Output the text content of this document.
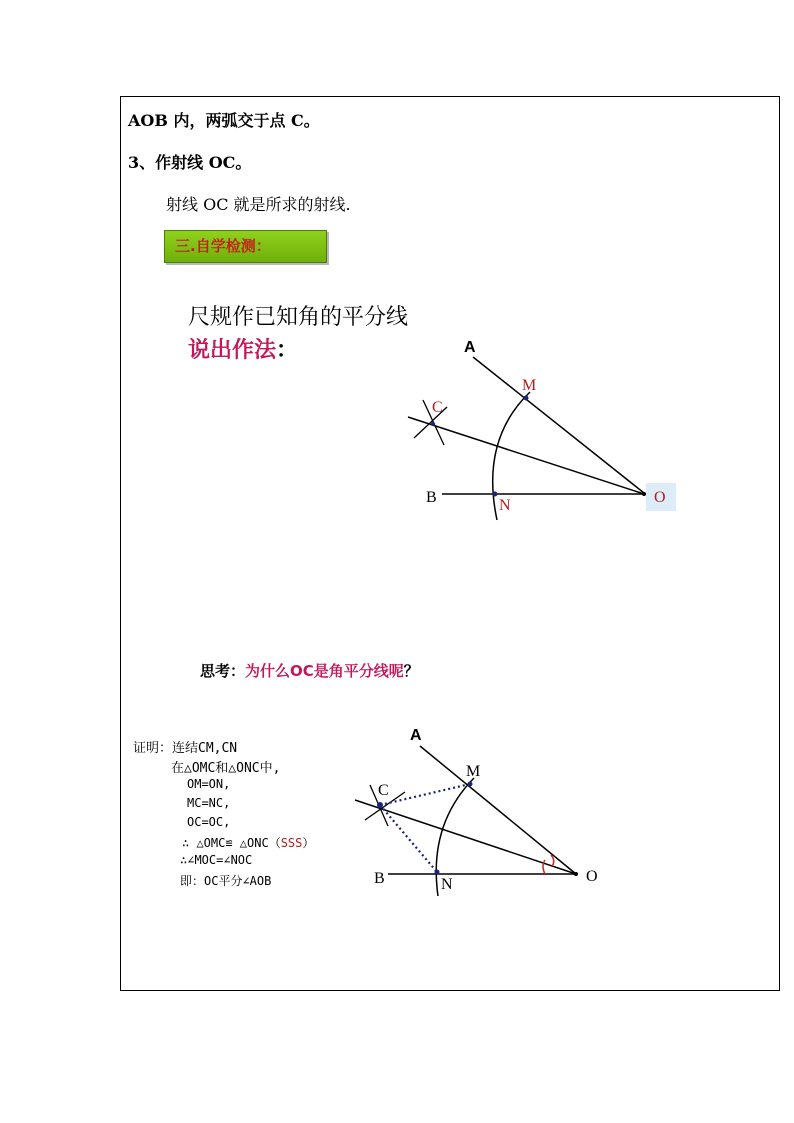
AOB 内，两弧交于点 C。
3、作射线 OC。
射线 OC 就是所求的射线.
三.自学检测：
尺规作已知角的平分线
说出作法：	A
M
C
B	N	O
思考：为什么OC是角平分线呢？
证明：连结CM,CN
在△OMC和△ONC中,
OM=ON,
MC=NC,
OC=OC,
∴ △OMC≌ △ONC（SSS）
∴∠MOC=∠NOC
即：OC平分∠AOB
A
M
C
B	N	O
